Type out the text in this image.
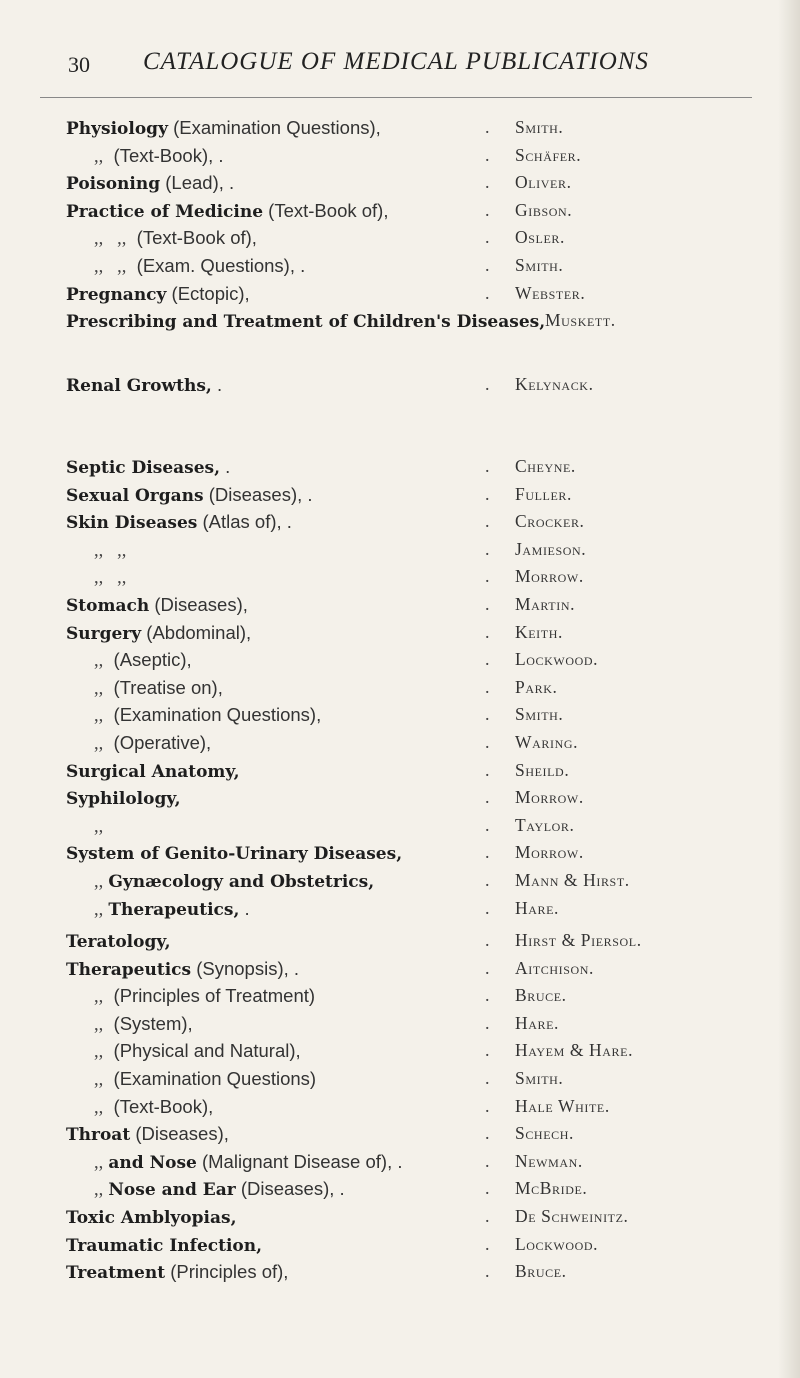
30 CATALOGUE OF MEDICAL PUBLICATIONS
Physiology (Examination Questions),	. Smith.
,,  (Text-Book), .	. Schäfer.
Poisoning (Lead), .	. Oliver.
Practice of Medicine (Text-Book of),	. Gibson.
,,   ,,  (Text-Book of),	. Osler.
,,   ,,  (Exam. Questions), .	. Smith.
Pregnancy (Ectopic),	. Webster.
Prescribing and Treatment of Children's Diseases, Muskett.
Renal Growths, .	. Kelynack.
Septic Diseases, .	. Cheyne.
Sexual Organs (Diseases), .	. Fuller.
Skin Diseases (Atlas of), .	. Crocker.
,,   ,,	. Jamieson.
,,   ,,	. Morrow.
Stomach (Diseases),	. Martin.
Surgery (Abdominal),	. Keith.
,,  (Aseptic),	. Lockwood.
,,  (Treatise on),	. Park.
,,  (Examination Questions),	. Smith.
,,  (Operative),	. Waring.
Surgical Anatomy,	. Sheild.
Syphilology,	. Morrow.
,,	. Taylor.
System of Genito-Urinary Diseases,	. Morrow.
,, Gynæcology and Obstetrics,	. Mann & Hirst.
,, Therapeutics, .	. Hare.
Teratology,	. Hirst & Piersol.
Therapeutics (Synopsis), .	. Aitchison.
,,  (Principles of Treatment)	. Bruce.
,,  (System),	. Hare.
,,  (Physical and Natural),	. Hayem & Hare.
,,  (Examination Questions)	. Smith.
,,  (Text-Book),	. Hale White.
Throat (Diseases),	. Schech.
,, and Nose (Malignant Disease of), .	. Newman.
,, Nose and Ear (Diseases), .	. McBride.
Toxic Amblyopias,	. De Schweinitz.
Traumatic Infection,	. Lockwood.
Treatment (Principles of),	. Bruce.
